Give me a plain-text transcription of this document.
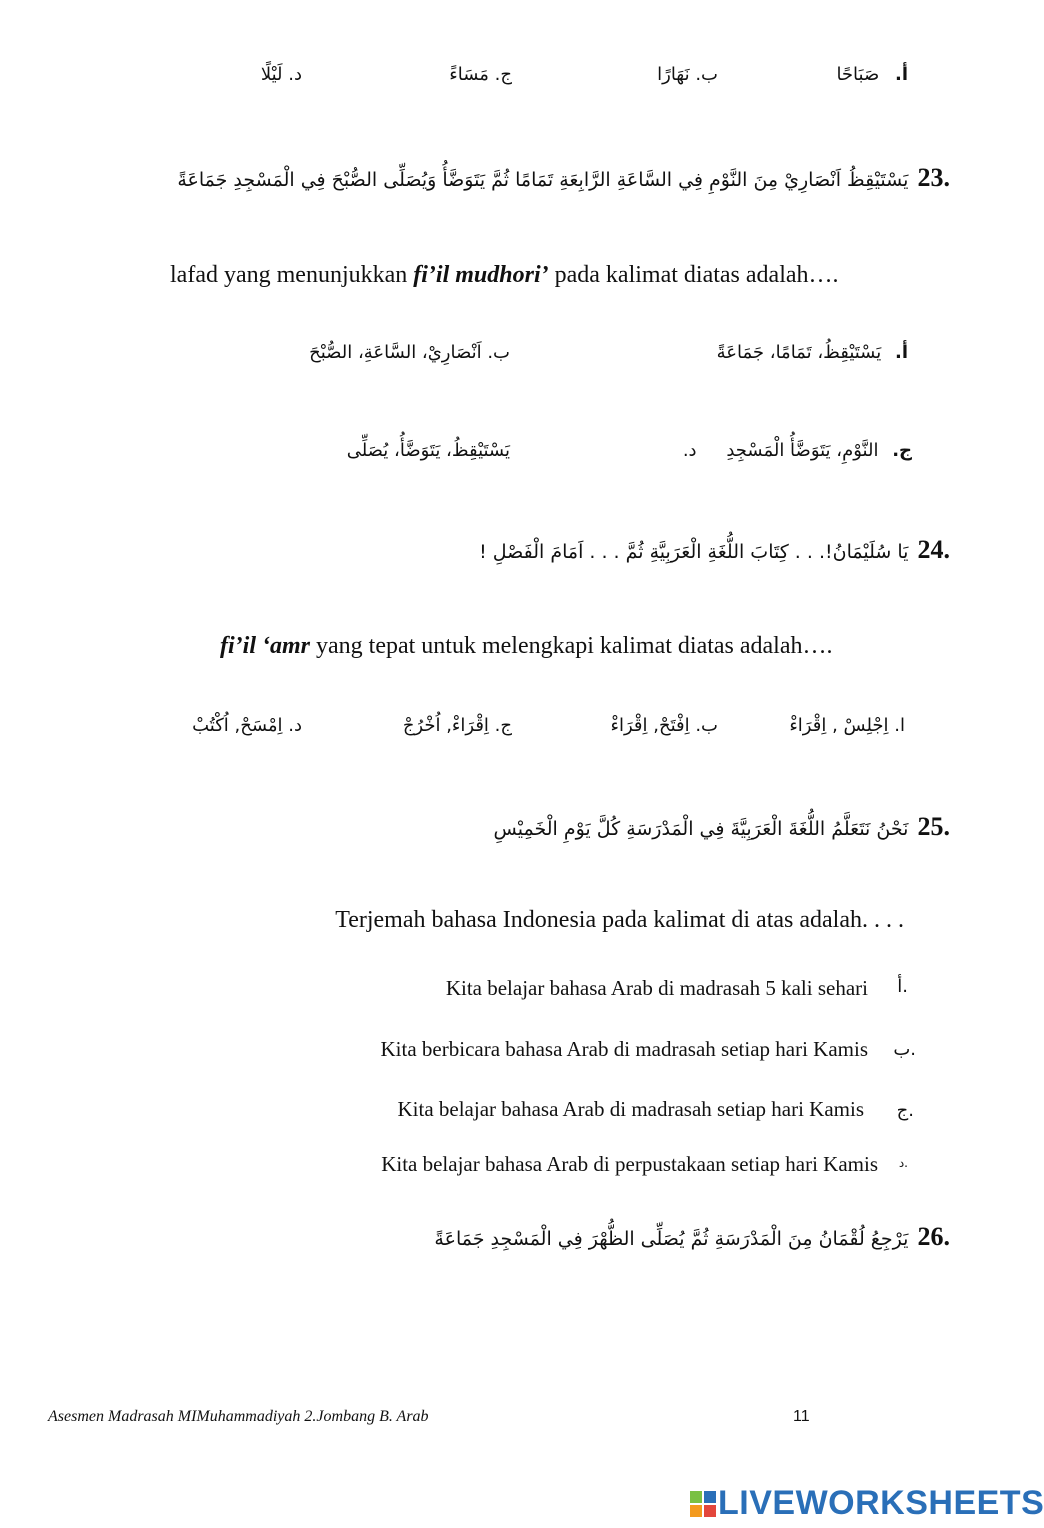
أ. صَبَاحًا
ب. نَهَارًا
ج. مَسَاءً
د. لَيْلًا
23. يَسْتَيْقِظُ اَنْصَارِيْ مِنَ النَّوْمِ فِي السَّاعَةِ الرَّابِعَةِ تَمَامًا ثُمَّ يَتَوَضَّأُ وَيُصَلِّى الصُّبْحَ فِي الْمَسْجِدِ جَمَاعَةً
lafad yang menunjukkan fi’il mudhori’ pada kalimat diatas adalah….
أ. يَسْتَيْقِظُ، تَمَامًا، جَمَاعَةً
ب. اَنْصَارِيْ، السَّاعَةِ، الصُّبْحَ
ج. النَّوْمِ، يَتَوَضَّأُ الْمَسْجِدِ د.
يَسْتَيْقِظُ، يَتَوَضَّأُ، يُصَلِّى
24. يَا سُلَيْمَانُ!. . . كِتَابَ اللُّغَةِ الْعَرَبِيَّةِ ثُمَّ . . . اَمَامَ الْفَصْلِ !
fi’il ‘amr yang tepat untuk melengkapi kalimat diatas adalah….
ا. اِجْلِسْ , اِقْرَاءْ
ب. اِفْتَحْ, اِقْرَاءْ
ج. اِقْرَاءْ, اُخْرُجْ
د. اِمْسَحْ, اُكْتُبْ
25. نَحْنُ نَتَعَلَّمُ اللُّغَةَ الْعَرَبِيَّةَ فِي الْمَدْرَسَةِ كُلَّ يَوْمِ الْخَمِيْسِ
Terjemah bahasa Indonesia pada kalimat di atas adalah. . . .
Kita belajar bahasa Arab di madrasah 5 kali sehari .أ
Kita berbicara bahasa Arab di madrasah setiap hari Kamis .ب
Kita belajar bahasa Arab di madrasah setiap hari Kamis .ج
Kita belajar bahasa Arab di perpustakaan setiap hari Kamis .د
26. يَرْجِعُ لُقْمَانُ مِنَ الْمَدْرَسَةِ ثُمَّ يُصَلِّى الظُّهْرَ فِي الْمَسْجِدِ جَمَاعَةً
Asesmen Madrasah MIMuhammadiyah 2.Jombang B. Arab	11
LIVEWORKSHEETS
